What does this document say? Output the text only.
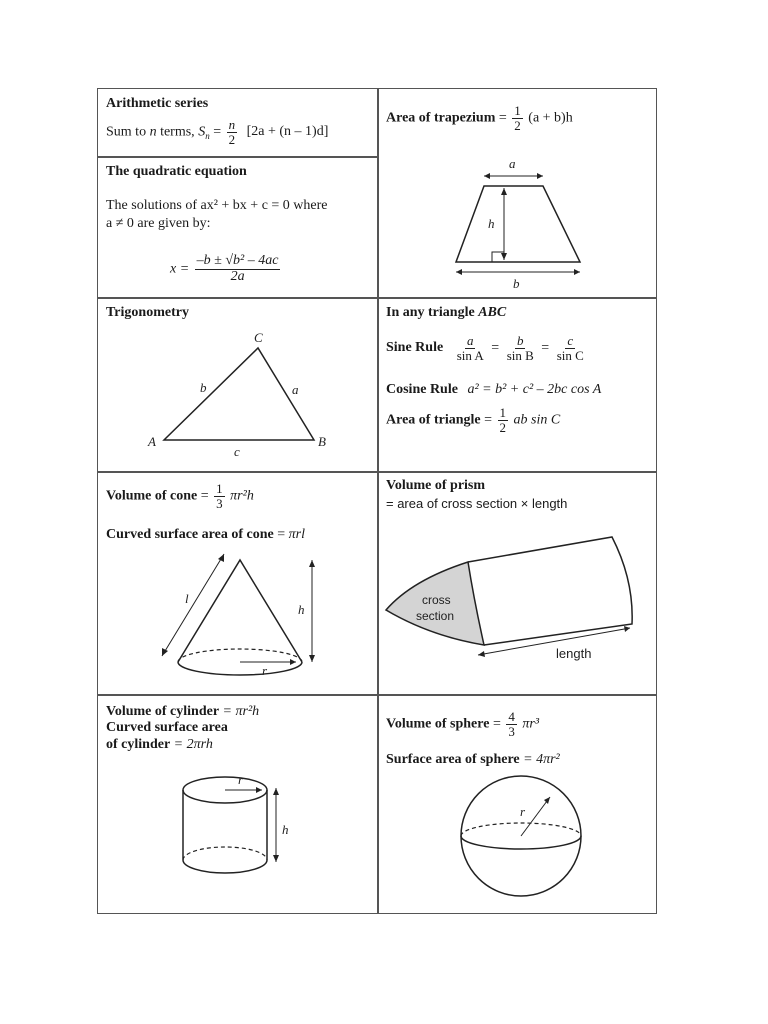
Arithmetic series
Sum to n terms, $S_n = \frac{n}{2} [2a + (n - 1)d]$
Area of trapezium = $\frac{1}{2} (a + b)h$
a
h
b
The quadratic equation
The solutions of ax² + bx + c = 0 where
a ≠ 0 are given by:
$x = \frac{\text{–b ± √b² – 4ac}}{2a}$
Trigonometry
A	B
C
b	a
c
In any triangle ABC
Sine Rule $\frac{a}{\text{sin A}} = \frac{b}{\text{sin B}} = \frac{c}{\text{sin C}}$
Cosine Rule a² = b² + c² – 2bc cos A
Area of triangle = $\frac{1}{2}$ ab sin C
Volume of cone = $\frac{1}{3} \pi r^2h$
Curved surface area of cone = πrl
l
h
r
Volume of prism
= area of cross section × length
cross
section
length
Volume of cylinder = πr²h
Curved surface area
of cylinder = 2πrh
r
h
Volume of sphere = $\frac{4}{3} \pi r^3$
Surface area of sphere = 4πr²
r
